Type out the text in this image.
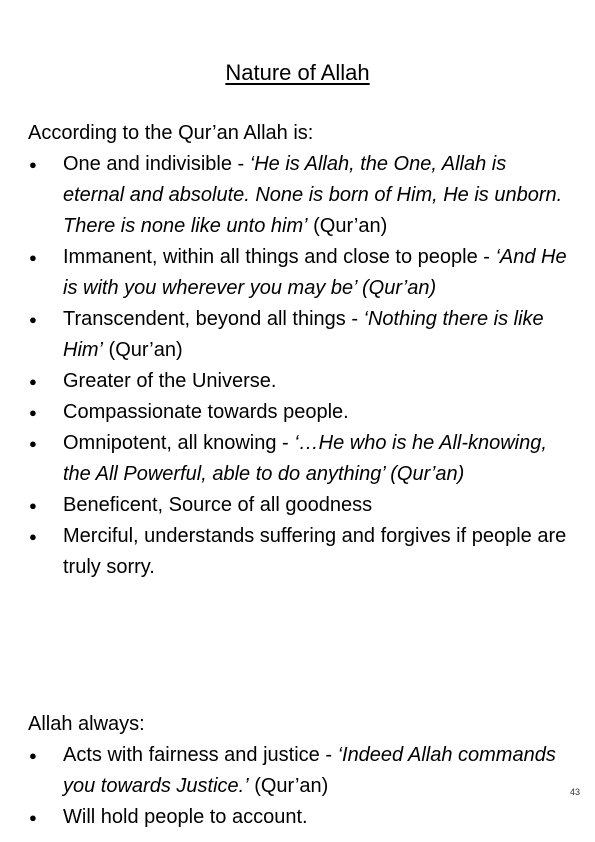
Nature of Allah
According to the Qur’an Allah is:
● One and indivisible - ‘He is Allah, the One, Allah is eternal and absolute. None is born of Him, He is unborn. There is none like unto him’ (Qur’an)
● Immanent, within all things and close to people - ‘And He is with you wherever you may be’ (Qur’an)
● Transcendent, beyond all things - ‘Nothing there is like Him’ (Qur’an)
● Greater of the Universe.
● Compassionate towards people.
● Omnipotent, all knowing - ‘…He who is he All-knowing, the All Powerful, able to do anything’ (Qur’an)
● Beneficent, Source of all goodness
● Merciful, understands suffering and forgives if people are truly sorry.
Allah always:
● Acts with fairness and justice - ‘Indeed Allah commands you towards Justice.’ (Qur’an)
● Will hold people to account.
43
